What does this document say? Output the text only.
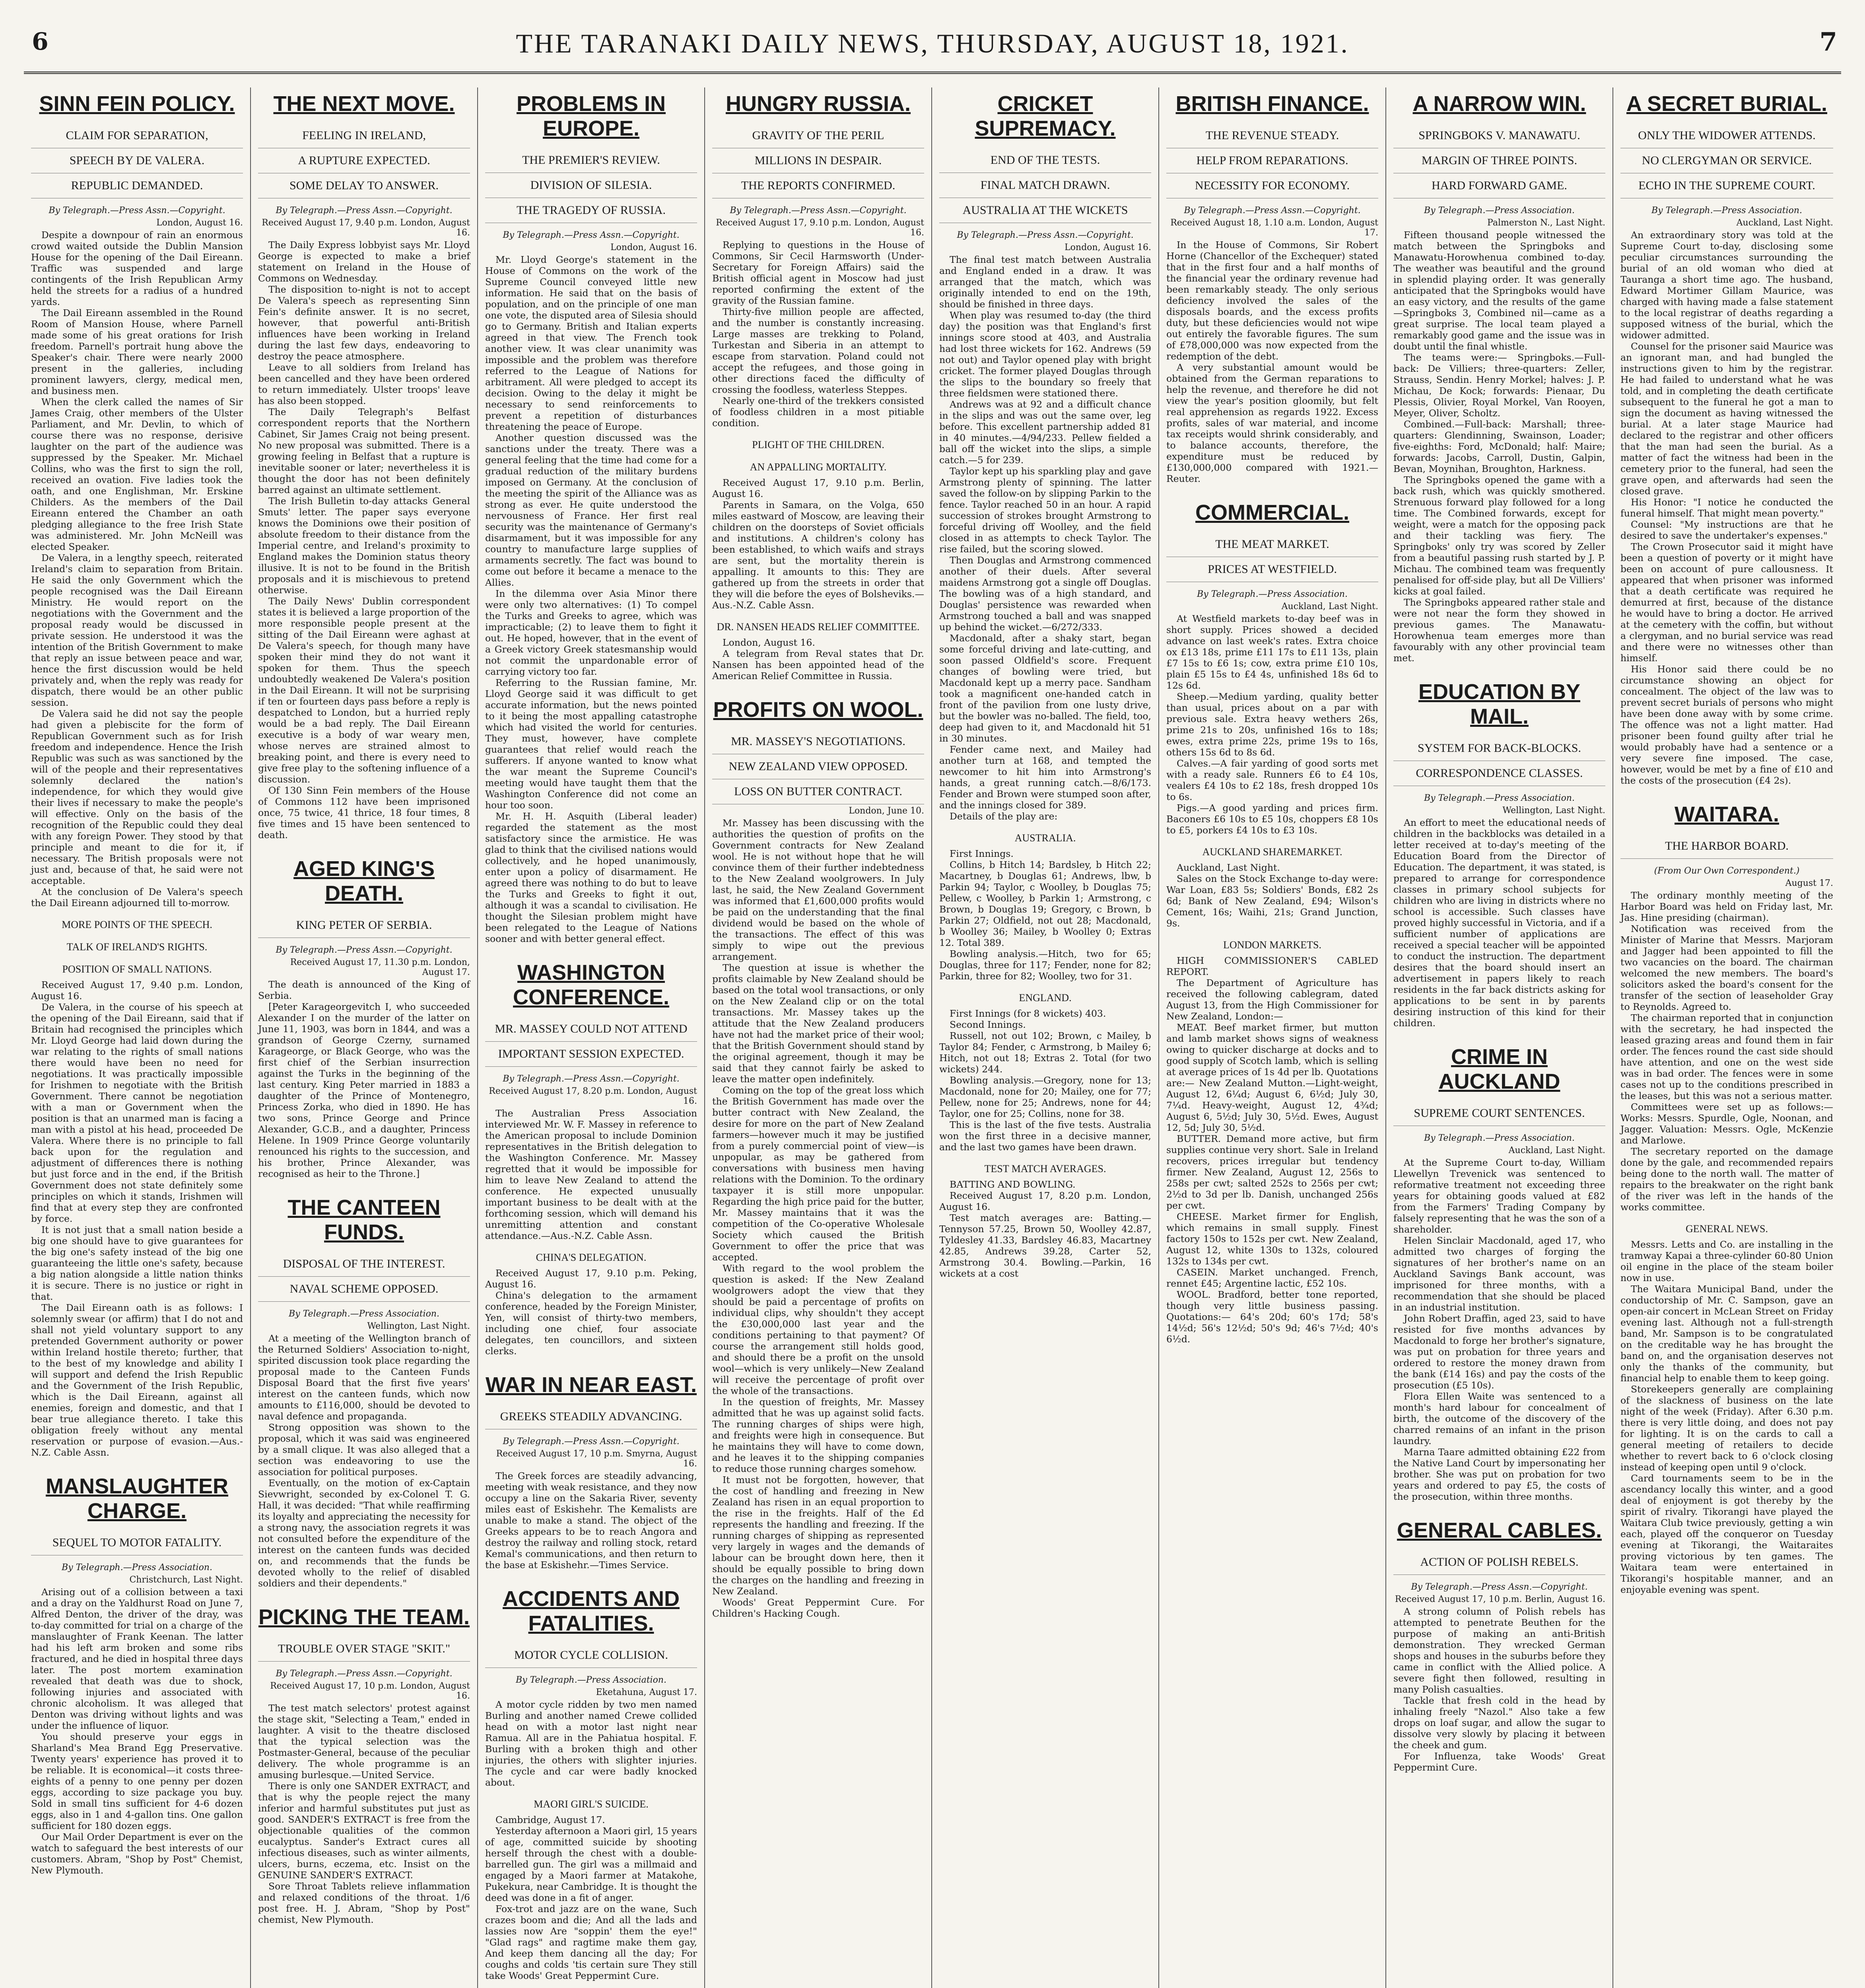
6	THE TARANAKI DAILY NEWS, THURSDAY, AUGUST 18, 1921.	7
SINN FEIN POLICY.
CLAIM FOR SEPARATION,
SPEECH BY DE VALERA.
REPUBLIC DEMANDED.
By Telegraph.—Press Assn.—Copyright.
London, August 16.

Despite a downpour of rain an enormous crowd waited outside the Dublin Mansion House for the opening of the Dail Eireann. Traffic was suspended and large contingents of the Irish Republican Army held the streets for a radius of a hundred yards.

The Dail Eireann assembled in the Round Room of Mansion House, where Parnell made some of his great orations for Irish freedom. Parnell's portrait hung above the Speaker's chair. There were nearly 2000 present in the galleries, including prominent lawyers, clergy, medical men, and business men.

When the clerk called the names of Sir James Craig, other members of the Ulster Parliament, and Mr. Devlin, to which of course there was no response, derisive laughter on the part of the audience was suppressed by the Speaker. Mr. Michael Collins, who was the first to sign the roll, received an ovation. Five ladies took the oath, and one Englishman, Mr. Erskine Childers. As the members of the Dail Eireann entered the Chamber an oath pledging allegiance to the free Irish State was administered. Mr. John McNeill was elected Speaker.

De Valera, in a lengthy speech, reiterated Ireland's claim to separation from Britain. He said the only Government which the people recognised was the Dail Eireann Ministry. He would report on the negotiations with the Government and the proposal ready would be discussed in private session. He understood it was the intention of the British Government to make that reply an issue between peace and war, hence the first discussion would be held privately and, when the reply was ready for dispatch, there would be an other public session.

De Valera said he did not say the people had given a plebiscite for the form of Republican Government such as for Irish freedom and independence. Hence the Irish Republic was such as was sanctioned by the will of the people and their representatives solemnly declared the nation's independence, for which they would give their lives if necessary to make the people's will effective. Only on the basis of the recognition of the Republic could they deal with any foreign Power. They stood by that principle and meant to die for it, if necessary. The British proposals were not just and, because of that, he said were not acceptable.

At the conclusion of De Valera's speech the Dail Eireann adjourned till to-morrow.

MORE POINTS OF THE SPEECH.
TALK OF IRELAND'S RIGHTS.
POSITION OF SMALL NATIONS.

Received August 17, 9.40 p.m. London, August 16.

De Valera, in the course of his speech at the opening of the Dail Eireann, said that if Britain had recognised the principles which Mr. Lloyd George had laid down during the war relating to the rights of small nations there would have been no need for negotiations. It was practically impossible for Irishmen to negotiate with the British Government. There cannot be negotiation with a man or Government when the position is that an unarmed man is facing a man with a pistol at his head, proceeded De Valera. Where there is no principle to fall back upon for the regulation and adjustment of differences there is nothing but just force and in the end, if the British Government does not state definitely some principles on which it stands, Irishmen will find that at every step they are confronted by force.

It is not just that a small nation beside a big one should have to give guarantees for the big one's safety instead of the big one guaranteeing the little one's safety, because a big nation alongside a little nation thinks it is secure. There is no justice or right in that.

The Dail Eireann oath is as follows: I solemnly swear (or affirm) that I do not and shall not yield voluntary support to any pretended Government authority or power within Ireland hostile thereto; further, that to the best of my knowledge and ability I will support and defend the Irish Republic and the Government of the Irish Republic, which is the Dail Eireann, against all enemies, foreign and domestic, and that I bear true allegiance thereto. I take this obligation freely without any mental reservation or purpose of evasion.—Aus.-N.Z. Cable Assn.

MANSLAUGHTER CHARGE.
SEQUEL TO MOTOR FATALITY.
By Telegraph.—Press Association.
Christchurch, Last Night.

Arising out of a collision between a taxi and a dray on the Yaldhurst Road on June 7, Alfred Denton, the driver of the dray, was to-day committed for trial on a charge of the manslaughter of Frank Keenan. The latter had his left arm broken and some ribs fractured, and he died in hospital three days later. The post mortem examination revealed that death was due to shock, following injuries and associated with chronic alcoholism. It was alleged that Denton was driving without lights and was under the influence of liquor.

You should preserve your eggs in Sharland's Mea Brand Egg Preservative. Twenty years' experience has proved it to be reliable. It is economical—it costs three-eights of a penny to one penny per dozen eggs, according to size package you buy. Sold in small tins sufficient for 4-6 dozen eggs, also in 1 and 4-gallon tins. One gallon sufficient for 180 dozen eggs.

Our Mail Order Department is ever on the watch to safeguard the best interests of our customers. Abram, "Shop by Post" Chemist, New Plymouth.

THE NEXT MOVE.
FEELING IN IRELAND,
A RUPTURE EXPECTED.
SOME DELAY TO ANSWER.
By Telegraph.—Press Assn.—Copyright.
Received August 17, 9.40 p.m. London, August 16.

The Daily Express lobbyist says Mr. Lloyd George is expected to make a brief statement on Ireland in the House of Commons on Wednesday.

The disposition to-night is not to accept De Valera's speech as representing Sinn Fein's definite answer. It is no secret, however, that powerful anti-British influences have been working in Ireland during the last few days, endeavoring to destroy the peace atmosphere.

Leave to all soldiers from Ireland has been cancelled and they have been ordered to return immediately. Ulster troops' leave has also been stopped.

The Daily Telegraph's Belfast correspondent reports that the Northern Cabinet, Sir James Craig not being present. No new proposal was submitted. There is a growing feeling in Belfast that a rupture is inevitable sooner or later; nevertheless it is thought the door has not been definitely barred against an ultimate settlement.

The Irish Bulletin to-day attacks General Smuts' letter. The paper says everyone knows the Dominions owe their position of absolute freedom to their distance from the Imperial centre, and Ireland's proximity to England makes the Dominion status theory illusive. It is not to be found in the British proposals and it is mischievous to pretend otherwise.

The Daily News' Dublin correspondent states it is believed a large proportion of the more responsible people present at the sitting of the Dail Eireann were aghast at De Valera's speech, for though many have spoken their mind they do not want it spoken for them. Thus the speech undoubtedly weakened De Valera's position in the Dail Eireann. It will not be surprising if ten or fourteen days pass before a reply is despatched to London, but a hurried reply would be a bad reply. The Dail Eireann executive is a body of war weary men, whose nerves are strained almost to breaking point, and there is every need to give free play to the softening influence of a discussion.

Of 130 Sinn Fein members of the House of Commons 112 have been imprisoned once, 75 twice, 41 thrice, 18 four times, 8 five times and 15 have been sentenced to death.

AGED KING'S DEATH.
KING PETER OF SERBIA.
By Telegraph.—Press Assn.—Copyright.
Received August 17, 11.30 p.m. London, August 17.

The death is announced of the King of Serbia.

[Peter Karageorgevitch I, who succeeded Alexander I on the murder of the latter on June 11, 1903, was born in 1844, and was a grandson of George Czerny, surnamed Karageorge, or Black George, who was the first chief of the Serbian insurrection against the Turks in the beginning of the last century. King Peter married in 1883 a daughter of the Prince of Montenegro, Princess Zorka, who died in 1890. He has two sons, Prince George and Prince Alexander, G.C.B., and a daughter, Princess Helene. In 1909 Prince George voluntarily renounced his rights to the succession, and his brother, Prince Alexander, was recognised as heir to the Throne.]

THE CANTEEN FUNDS.
DISPOSAL OF THE INTEREST.
NAVAL SCHEME OPPOSED.
By Telegraph.—Press Association.
Wellington, Last Night.

At a meeting of the Wellington branch of the Returned Soldiers' Association to-night, spirited discussion took place regarding the proposal made to the Canteen Funds Disposal Board that the first five years' interest on the canteen funds, which now amounts to £116,000, should be devoted to naval defence and propaganda.

Strong opposition was shown to the proposal, which it was said was engineered by a small clique. It was also alleged that a section was endeavoring to use the association for political purposes.

Eventually, on the motion of ex-Captain Sievwright, seconded by ex-Colonel T. G. Hall, it was decided: "That while reaffirming its loyalty and appreciating the necessity for a strong navy, the association regrets it was not consulted before the expenditure of the interest on the canteen funds was decided on, and recommends that the funds be devoted wholly to the relief of disabled soldiers and their dependents."

PICKING THE TEAM.
TROUBLE OVER STAGE "SKIT."
By Telegraph.—Press Assn.—Copyright.
Received August 17, 10 p.m. London, August 16.

The test match selectors' protest against the stage skit, "Selecting a Team," ended in laughter. A visit to the theatre disclosed that the typical selection was the Postmaster-General, because of the peculiar delivery. The whole programme is an amusing burlesque.—United Service.

There is only one SANDER EXTRACT, and that is why the people reject the many inferior and harmful substitutes put just as good. SANDER'S EXTRACT is free from the objectionable qualities of the common eucalyptus. Sander's Extract cures all infectious diseases, such as winter ailments, ulcers, burns, eczema, etc. Insist on the GENUINE SANDER'S EXTRACT.

Sore Throat Tablets relieve inflammation and relaxed conditions of the throat. 1/6 post free. H. J. Abram, "Shop by Post" chemist, New Plymouth.

PROBLEMS IN EUROPE.
THE PREMIER'S REVIEW.
DIVISION OF SILESIA.
THE TRAGEDY OF RUSSIA.
By Telegraph.—Press Assn.—Copyright.
London, August 16.

Mr. Lloyd George's statement in the House of Commons on the work of the Supreme Council conveyed little new information. He said that on the basis of population, and on the principle of one man one vote, the disputed area of Silesia should go to Germany. British and Italian experts agreed in that view. The French took another view. It was clear unanimity was impossible and the problem was therefore referred to the League of Nations for arbitrament. All were pledged to accept its decision. Owing to the delay it might be necessary to send reinforcements to prevent a repetition of disturbances threatening the peace of Europe.

Another question discussed was the sanctions under the treaty. There was a general feeling that the time had come for a gradual reduction of the military burdens imposed on Germany. At the conclusion of the meeting the spirit of the Alliance was as strong as ever. He quite understood the nervousness of France. Her first real security was the maintenance of Germany's disarmament, but it was impossible for any country to manufacture large supplies of armaments secretly. The fact was bound to come out before it became a menace to the Allies.

In the dilemma over Asia Minor there were only two alternatives: (1) To compel the Turks and Greeks to agree, which was impracticable; (2) to leave them to fight it out. He hoped, however, that in the event of a Greek victory Greek statesmanship would not commit the unpardonable error of carrying victory too far.

Referring to the Russian famine, Mr. Lloyd George said it was difficult to get accurate information, but the news pointed to it being the most appalling catastrophe which had visited the world for centuries. They must, however, have complete guarantees that relief would reach the sufferers. If anyone wanted to know what the war meant the Supreme Council's meeting would have taught them that the Washington Conference did not come an hour too soon.

Mr. H. H. Asquith (Liberal leader) regarded the statement as the most satisfactory since the armistice. He was glad to think that the civilised nations would collectively, and he hoped unanimously, enter upon a policy of disarmament. He agreed there was nothing to do but to leave the Turks and Greeks to fight it out, although it was a scandal to civilisation. He thought the Silesian problem might have been relegated to the League of Nations sooner and with better general effect.

WASHINGTON CONFERENCE.
MR. MASSEY COULD NOT ATTEND
IMPORTANT SESSION EXPECTED.
By Telegraph.—Press Assn.—Copyright.
Received August 17, 8.20 p.m. London, August 16.

The Australian Press Association interviewed Mr. W. F. Massey in reference to the American proposal to include Dominion representatives in the British delegation to the Washington Conference. Mr. Massey regretted that it would be impossible for him to leave New Zealand to attend the conference. He expected unusually important business to be dealt with at the forthcoming session, which will demand his unremitting attention and constant attendance.—Aus.-N.Z. Cable Assn.

CHINA'S DELEGATION.

Received August 17, 9.10 p.m. Peking, August 16.

China's delegation to the armament conference, headed by the Foreign Minister, Yen, will consist of thirty-two members, including one chief, four associate delegates, ten councillors, and sixteen clerks.

WAR IN NEAR EAST.
GREEKS STEADILY ADVANCING.
By Telegraph.—Press Assn.—Copyright.
Received August 17, 10 p.m. Smyrna, August 16.

The Greek forces are steadily advancing, meeting with weak resistance, and they now occupy a line on the Sakaria River, seventy miles east of Eskishehr. The Kemalists are unable to make a stand. The object of the Greeks appears to be to reach Angora and destroy the railway and rolling stock, retard Kemal's communications, and then return to the base at Eskishehr.—Times Service.

ACCIDENTS AND FATALITIES.
MOTOR CYCLE COLLISION.
By Telegraph.—Press Association.
Eketahuna, August 17.

A motor cycle ridden by two men named Burling and another named Crewe collided head on with a motor last night near Ramua. All are in the Pahiatua hospital. F. Burling with a broken thigh and other injuries, the others with slighter injuries. The cycle and car were badly knocked about.

MAORI GIRL'S SUICIDE.

Cambridge, August 17.

Yesterday afternoon a Maori girl, 15 years of age, committed suicide by shooting herself through the chest with a double-barrelled gun. The girl was a millmaid and engaged by a Maori farmer at Matakohe, Pukekura, near Cambridge. It is thought the deed was done in a fit of anger.

Fox-trot and jazz are on the wane, Such crazes boom and die; And all the lads and lassies now Are "soppin' them the eye!" "Glad rags" and ragtime make them gay, And keep them dancing all the day; For coughs and colds 'tis certain sure They still take Woods' Great Peppermint Cure.

HUNGRY RUSSIA.
GRAVITY OF THE PERIL
MILLIONS IN DESPAIR.
THE REPORTS CONFIRMED.
By Telegraph.—Press Assn.—Copyright.
Received August 17, 9.10 p.m. London, August 16.

Replying to questions in the House of Commons, Sir Cecil Harmsworth (Under-Secretary for Foreign Affairs) said the British official agent in Moscow had just reported confirming the extent of the gravity of the Russian famine.

Thirty-five million people are affected, and the number is constantly increasing. Large masses are trekking to Poland, Turkestan and Siberia in an attempt to escape from starvation. Poland could not accept the refugees, and those going in other directions faced the difficulty of crossing the foodless, waterless Steppes.

Nearly one-third of the trekkers consisted of foodless children in a most pitiable condition.

PLIGHT OF THE CHILDREN.
AN APPALLING MORTALITY.

Received August 17, 9.10 p.m. Berlin, August 16.

Parents in Samara, on the Volga, 650 miles eastward of Moscow, are leaving their children on the doorsteps of Soviet officials and institutions. A children's colony has been established, to which waifs and strays are sent, but the mortality therein is appalling. It amounts to this: They are gathered up from the streets in order that they will die before the eyes of Bolsheviks.—Aus.-N.Z. Cable Assn.

DR. NANSEN HEADS RELIEF COMMITTEE.

London, August 16.

A telegram from Reval states that Dr. Nansen has been appointed head of the American Relief Committee in Russia.

PROFITS ON WOOL.
MR. MASSEY'S NEGOTIATIONS.
NEW ZEALAND VIEW OPPOSED.
LOSS ON BUTTER CONTRACT.
London, June 10.

Mr. Massey has been discussing with the authorities the question of profits on the Government contracts for New Zealand wool. He is not without hope that he will convince them of their further indebtedness to the New Zealand woolgrowers. In July last, he said, the New Zealand Government was informed that £1,600,000 profits would be paid on the understanding that the final dividend would be based on the whole of the transactions. The effect of this was simply to wipe out the previous arrangement.

The question at issue is whether the profits claimable by New Zealand should be based on the total wool transactions, or only on the New Zealand clip or on the total transactions. Mr. Massey takes up the attitude that the New Zealand producers have not had the market price of their wool; that the British Government should stand by the original agreement, though it may be said that they cannot fairly be asked to leave the matter open indefinitely.

Coming on the top of the great loss which the British Government has made over the butter contract with New Zealand, the desire for more on the part of New Zealand farmers—however much it may be justified from a purely commercial point of view—is unpopular, as may be gathered from conversations with business men having relations with the Dominion. To the ordinary taxpayer it is still more unpopular. Regarding the high price paid for the butter, Mr. Massey maintains that it was the competition of the Co-operative Wholesale Society which caused the British Government to offer the price that was accepted.

With regard to the wool problem the question is asked: If the New Zealand woolgrowers adopt the view that they should be paid a percentage of profits on individual clips, why shouldn't they accept the £30,000,000 last year and the conditions pertaining to that payment? Of course the arrangement still holds good, and should there be a profit on the unsold wool—which is very unlikely—New Zealand will receive the percentage of profit over the whole of the transactions.

In the question of freights, Mr. Massey admitted that he was up against solid facts. The running charges of ships were high, and freights were high in consequence. But he maintains they will have to come down, and he leaves it to the shipping companies to reduce those running charges somehow.

It must not be forgotten, however, that the cost of handling and freezing in New Zealand has risen in an equal proportion to the rise in the freights. Half of the £d represents the handling and freezing. If the running charges of shipping as represented very largely in wages and the demands of labour can be brought down here, then it should be equally possible to bring down the charges on the handling and freezing in New Zealand.

Woods' Great Peppermint Cure. For Children's Hacking Cough.

CRICKET SUPREMACY.
END OF THE TESTS.
FINAL MATCH DRAWN.
AUSTRALIA AT THE WICKETS
By Telegraph.—Press Assn.—Copyright.
London, August 16.

The final test match between Australia and England ended in a draw. It was arranged that the match, which was originally intended to end on the 19th, should be finished in three days.

When play was resumed to-day (the third day) the position was that England's first innings score stood at 403, and Australia had lost three wickets for 162. Andrews (59 not out) and Taylor opened play with bright cricket. The former played Douglas through the slips to the boundary so freely that three fieldsmen were stationed there.

Andrews was at 92 and a difficult chance in the slips and was out the same over, leg before. This excellent partnership added 81 in 40 minutes.—4/94/233. Pellew fielded a ball off the wicket into the slips, a simple catch.—5 for 239.

Taylor kept up his sparkling play and gave Armstrong plenty of spinning. The latter saved the follow-on by slipping Parkin to the fence. Taylor reached 50 in an hour. A rapid succession of strokes brought Armstrong to forceful driving off Woolley, and the field closed in as attempts to check Taylor. The rise failed, but the scoring slowed.

Then Douglas and Armstrong commenced another of their duels. After several maidens Armstrong got a single off Douglas. The bowling was of a high standard, and Douglas' persistence was rewarded when Armstrong touched a ball and was snapped up behind the wicket.—6/272/333.

Macdonald, after a shaky start, began some forceful driving and late-cutting, and soon passed Oldfield's score. Frequent changes of bowling were tried, but Macdonald kept up a merry pace. Sandham took a magnificent one-handed catch in front of the pavilion from one lusty drive, but the bowler was no-balled. The field, too, deep had given to it, and Macdonald hit 51 in 30 minutes.

Fender came next, and Mailey had another turn at 168, and tempted the newcomer to hit him into Armstrong's hands, a great running catch.—8/6/173. Fender and Brown were stumped soon after, and the innings closed for 389.

Details of the play are:

AUSTRALIA.

First Innings.

Collins, b Hitch 14; Bardsley, b Hitch 22; Macartney, b Douglas 61; Andrews, lbw, b Parkin 94; Taylor, c Woolley, b Douglas 75; Pellew, c Woolley, b Parkin 1; Armstrong, c Brown, b Douglas 19; Gregory, c Brown, b Parkin 27; Oldfield, not out 28; Macdonald, b Woolley 36; Mailey, b Woolley 0; Extras 12. Total 389.

Bowling analysis.—Hitch, two for 65; Douglas, three for 117; Fender, none for 82; Parkin, three for 82; Woolley, two for 31.

ENGLAND.

First Innings (for 8 wickets) 403.

Second Innings.

Russell, not out 102; Brown, c Mailey, b Taylor 84; Fender, c Armstrong, b Mailey 6; Hitch, not out 18; Extras 2. Total (for two wickets) 244.

Bowling analysis.—Gregory, none for 13; Macdonald, none for 20; Mailey, one for 77; Pellew, none for 25; Andrews, none for 44; Taylor, one for 25; Collins, none for 38.

This is the last of the five tests. Australia won the first three in a decisive manner, and the last two games have been drawn.

TEST MATCH AVERAGES.

BATTING AND BOWLING.

Received August 17, 8.20 p.m. London, August 16.

Test match averages are: Batting.—Tennyson 57.25, Brown 50, Woolley 42.87, Tyldesley 41.33, Bardsley 46.83, Macartney 42.85, Andrews 39.28, Carter 52, Armstrong 30.4. Bowling.—Parkin, 16 wickets at a cost

BRITISH FINANCE.
THE REVENUE STEADY.
HELP FROM REPARATIONS.
NECESSITY FOR ECONOMY.
By Telegraph.—Press Assn.—Copyright.
Received August 18, 1.10 a.m. London, August 17.

In the House of Commons, Sir Robert Horne (Chancellor of the Exchequer) stated that in the first four and a half months of the financial year the ordinary revenue had been remarkably steady. The only serious deficiency involved the sales of the disposals boards, and the excess profits duty, but these deficiencies would not wipe out entirely the favorable figures. The sum of £78,000,000 was now expected from the redemption of the debt.

A very substantial amount would be obtained from the German reparations to help the revenue, and therefore he did not view the year's position gloomily, but felt real apprehension as regards 1922. Excess profits, sales of war material, and income tax receipts would shrink considerably, and to balance accounts, therefore, the expenditure must be reduced by £130,000,000 compared with 1921.—Reuter.

COMMERCIAL.
THE MEAT MARKET.
PRICES AT WESTFIELD.
By Telegraph.—Press Association.
Auckland, Last Night.

At Westfield markets to-day beef was in short supply. Prices showed a decided advance on last week's rates. Extra choice ox £13 18s, prime £11 17s to £11 13s, plain £7 15s to £6 1s; cow, extra prime £10 10s, plain £5 15s to £4 4s, unfinished 18s 6d to 12s 6d.

Sheep.—Medium yarding, quality better than usual, prices about on a par with previous sale. Extra heavy wethers 26s, prime 21s to 20s, unfinished 16s to 18s; ewes, extra prime 22s, prime 19s to 16s, others 15s 6d to 8s 6d.

Calves.—A fair yarding of good sorts met with a ready sale. Runners £6 to £4 10s, vealers £4 10s to £2 18s, fresh dropped 10s to 6s.

Pigs.—A good yarding and prices firm. Baconers £6 10s to £5 10s, choppers £8 10s to £5, porkers £4 10s to £3 10s.

AUCKLAND SHAREMARKET.

Auckland, Last Night.

Sales on the Stock Exchange to-day were: War Loan, £83 5s; Soldiers' Bonds, £82 2s 6d; Bank of New Zealand, £94; Wilson's Cement, 16s; Waihi, 21s; Grand Junction, 9s.

LONDON MARKETS.

HIGH COMMISSIONER'S CABLED REPORT.

The Department of Agriculture has received the following cablegram, dated August 13, from the High Commissioner for New Zealand, London:—

MEAT. Beef market firmer, but mutton and lamb market shows signs of weakness owing to quicker discharge at docks and to good supply of Scotch lamb, which is selling at average prices of 1s 4d per lb. Quotations are:— New Zealand Mutton.—Light-weight, August 12, 6¼d; August 6, 6½d; July 30, 7¼d. Heavy-weight, August 12, 4¾d; August 6, 5½d; July 30, 5½d. Ewes, August 12, 5d; July 30, 5½d.

BUTTER. Demand more active, but firm supplies continue very short. Sale in Ireland recovers, prices irregular but tendency firmer. New Zealand, August 12, 256s to 258s per cwt; salted 252s to 256s per cwt; 2½d to 3d per lb. Danish, unchanged 256s per cwt.

CHEESE. Market firmer for English, which remains in small supply. Finest factory 150s to 152s per cwt. New Zealand, August 12, white 130s to 132s, coloured 132s to 134s per cwt.

CASEIN. Market unchanged. French, rennet £45; Argentine lactic, £52 10s.

WOOL. Bradford, better tone reported, though very little business passing. Quotations:— 64's 20d; 60's 17d; 58's 14½d; 56's 12½d; 50's 9d; 46's 7½d; 40's 6½d.

A NARROW WIN.
SPRINGBOKS V. MANAWATU.
MARGIN OF THREE POINTS.
HARD FORWARD GAME.
By Telegraph.—Press Association.
Palmerston N., Last Night.

Fifteen thousand people witnessed the match between the Springboks and Manawatu-Horowhenua combined to-day. The weather was beautiful and the ground in splendid playing order. It was generally anticipated that the Springboks would have an easy victory, and the results of the game—Springboks 3, Combined nil—came as a great surprise. The local team played a remarkably good game and the issue was in doubt until the final whistle.

The teams were:— Springboks.—Full-back: De Villiers; three-quarters: Zeller, Strauss, Sendin. Henry Morkel; halves: J. P. Michau, De Kock; forwards: Pienaar, Du Plessis, Olivier, Royal Morkel, Van Rooyen, Meyer, Oliver, Scholtz.

Combined.—Full-back: Marshall; three-quarters: Glendinning, Swainson, Loader; five-eighths: Ford, McDonald; half: Maire; forwards: Jacobs, Carroll, Dustin, Galpin, Bevan, Moynihan, Broughton, Harkness.

The Springboks opened the game with a back rush, which was quickly smothered. Strenuous forward play followed for a long time. The Combined forwards, except for weight, were a match for the opposing pack and their tackling was fiery. The Springboks' only try was scored by Zeller from a beautiful passing rush started by J. P. Michau. The combined team was frequently penalised for off-side play, but all De Villiers' kicks at goal failed.

The Springboks appeared rather stale and were not near the form they showed in previous games. The Manawatu-Horowhenua team emerges more than favourably with any other provincial team met.

EDUCATION BY MAIL.
SYSTEM FOR BACK-BLOCKS.
CORRESPONDENCE CLASSES.
By Telegraph.—Press Association.
Wellington, Last Night.

An effort to meet the educational needs of children in the backblocks was detailed in a letter received at to-day's meeting of the Education Board from the Director of Education. The department, it was stated, is prepared to arrange for correspondence classes in primary school subjects for children who are living in districts where no school is accessible. Such classes have proved highly successful in Victoria, and if a sufficient number of applications are received a special teacher will be appointed to conduct the instruction. The department desires that the board should insert an advertisement in papers likely to reach residents in the far back districts asking for applications to be sent in by parents desiring instruction of this kind for their children.

CRIME IN AUCKLAND
SUPREME COURT SENTENCES.
By Telegraph.—Press Association.
Auckland, Last Night.

At the Supreme Court to-day, William Llewellyn Trevenick was sentenced to reformative treatment not exceeding three years for obtaining goods valued at £82 from the Farmers' Trading Company by falsely representing that he was the son of a shareholder.

Helen Sinclair Macdonald, aged 17, who admitted two charges of forging the signatures of her brother's name on an Auckland Savings Bank account, was imprisoned for three months, with a recommendation that she should be placed in an industrial institution.

John Robert Draffin, aged 23, said to have resisted for five months advances by Macdonald to forge her brother's signature, was put on probation for three years and ordered to restore the money drawn from the bank (£14 16s) and pay the costs of the prosecution (£5 10s).

Flora Ellen Waite was sentenced to a month's hard labour for concealment of birth, the outcome of the discovery of the charred remains of an infant in the prison laundry.

Marna Taare admitted obtaining £22 from the Native Land Court by impersonating her brother. She was put on probation for two years and ordered to pay £5, the costs of the prosecution, within three months.

GENERAL CABLES.
ACTION OF POLISH REBELS.
By Telegraph.—Press Assn.—Copyright.
Received August 17, 10 p.m. Berlin, August 16.

A strong column of Polish rebels has attempted to penetrate Beuthen for the purpose of making an anti-British demonstration. They wrecked German shops and houses in the suburbs before they came in conflict with the Allied police. A severe fight then followed, resulting in many Polish casualties.

Tackle that fresh cold in the head by inhaling freely "Nazol." Also take a few drops on loaf sugar, and allow the sugar to dissolve very slowly by placing it between the cheek and gum.

For Influenza, take Woods' Great Peppermint Cure.

A SECRET BURIAL.
ONLY THE WIDOWER ATTENDS.
NO CLERGYMAN OR SERVICE.
ECHO IN THE SUPREME COURT.
By Telegraph.—Press Association.
Auckland, Last Night.

An extraordinary story was told at the Supreme Court to-day, disclosing some peculiar circumstances surrounding the burial of an old woman who died at Tauranga a short time ago. The husband, Edward Mortimer Gillam Maurice, was charged with having made a false statement to the local registrar of deaths regarding a supposed witness of the burial, which the widower admitted.

Counsel for the prisoner said Maurice was an ignorant man, and had bungled the instructions given to him by the registrar. He had failed to understand what he was told, and in completing the death certificate subsequent to the funeral he got a man to sign the document as having witnessed the burial. At a later stage Maurice had declared to the registrar and other officers that the man had seen the burial. As a matter of fact the witness had been in the cemetery prior to the funeral, had seen the grave open, and afterwards had seen the closed grave.

His Honor: "I notice he conducted the funeral himself. That might mean poverty."

Counsel: "My instructions are that he desired to save the undertaker's expenses."

The Crown Prosecutor said it might have been a question of poverty or it might have been on account of pure callousness. It appeared that when prisoner was informed that a death certificate was required he demurred at first, because of the distance he would have to bring a doctor. He arrived at the cemetery with the coffin, but without a clergyman, and no burial service was read and there were no witnesses other than himself.

His Honor said there could be no circumstance showing an object for concealment. The object of the law was to prevent secret burials of persons who might have been done away with by some crime. The offence was not a light matter. Had prisoner been found guilty after trial he would probably have had a sentence or a very severe fine imposed. The case, however, would be met by a fine of £10 and the costs of the prosecution (£4 2s).

WAITARA.
THE HARBOR BOARD.
(From Our Own Correspondent.)
August 17.

The ordinary monthly meeting of the Harbor Board was held on Friday last, Mr. Jas. Hine presiding (chairman).

Notification was received from the Minister of Marine that Messrs. Marjoram and Jagger had been appointed to fill the two vacancies on the board. The chairman welcomed the new members. The board's solicitors asked the board's consent for the transfer of the section of leaseholder Gray to Reynolds. Agreed to.

The chairman reported that in conjunction with the secretary, he had inspected the leased grazing areas and found them in fair order. The fences round the cast side should have attention, and one on the west side was in bad order. The fences were in some cases not up to the conditions prescribed in the leases, but this was not a serious matter.

Committees were set up as follows:— Works: Messrs. Spurdle, Ogle, Noonan, and Jagger. Valuation: Messrs. Ogle, McKenzie and Marlowe.

The secretary reported on the damage done by the gale, and recommended repairs being done to the north wall. The matter of repairs to the breakwater on the right bank of the river was left in the hands of the works committee.

GENERAL NEWS.

Messrs. Letts and Co. are installing in the tramway Kapai a three-cylinder 60-80 Union oil engine in the place of the steam boiler now in use.

The Waitara Municipal Band, under the conductorship of Mr. C. Sampson, gave an open-air concert in McLean Street on Friday evening last. Although not a full-strength band, Mr. Sampson is to be congratulated on the creditable way he has brought the band on, and the organisation deserves not only the thanks of the community, but financial help to enable them to keep going.

Storekeepers generally are complaining of the slackness of business on the late night of the week (Friday). After 6.30 p.m. there is very little doing, and does not pay for lighting. It is on the cards to call a general meeting of retailers to decide whether to revert back to 6 o'clock closing instead of keeping open until 9 o'clock.

Card tournaments seem to be in the ascendancy locally this winter, and a good deal of enjoyment is got thereby by the spirit of rivalry. Tikorangi have played the Waitara Club twice previously, getting a win each, played off the conqueror on Tuesday evening at Tikorangi, the Waitaraites proving victorious by ten games. The Waitara team were entertained in Tikorangi's hospitable manner, and an enjoyable evening was spent.
